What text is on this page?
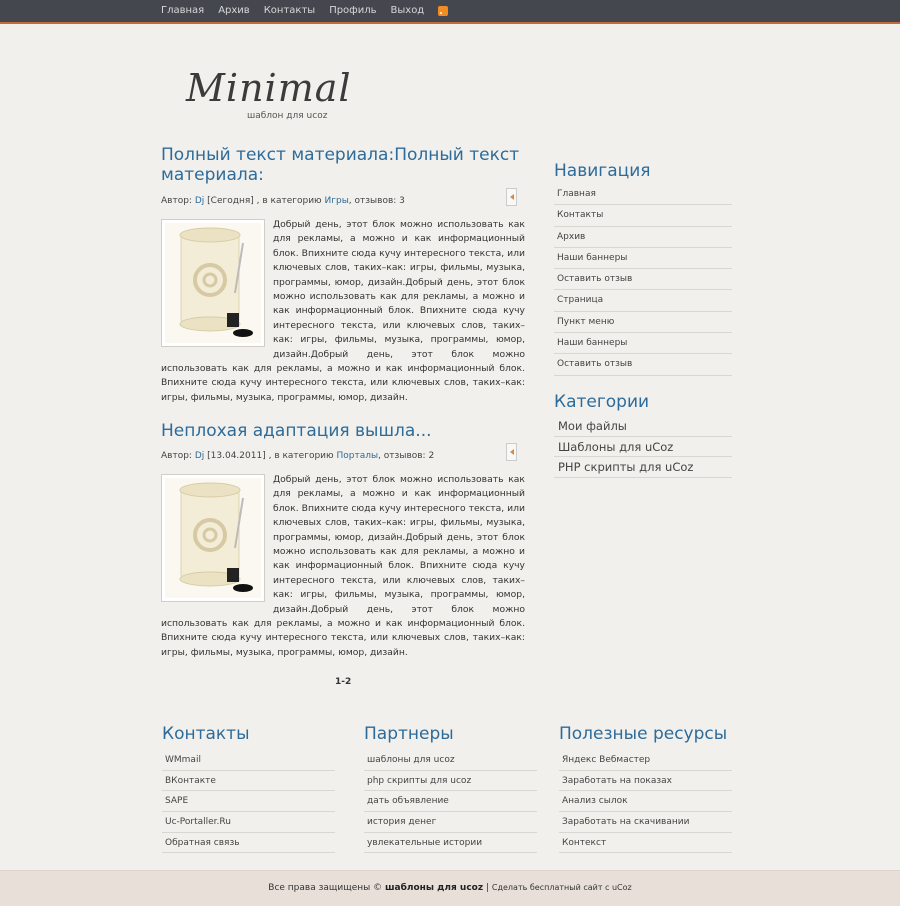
Главная Архив Контакты Профиль Выход
Minimal
шаблон для ucoz
Полный текст материала:Полный текст материала:
Автор: Dj [Сегодня] , в категорию Игры, отзывов: 3
Добрый день, этот блок можно использовать как для рекламы, а можно и как информационный блок. Впихните сюда кучу интересного текста, или ключевых слов, таких–как: игры, фильмы, музыка, программы, юмор, дизайн.Добрый день, этот блок можно использовать как для рекламы, а можно и как информационный блок. Впихните сюда кучу интересного текста, или ключевых слов, таких–как: игры, фильмы, музыка, программы, юмор, дизайн.Добрый день, этот блок можно использовать как для рекламы, а можно и как информационный блок. Впихните сюда кучу интересного текста, или ключевых слов, таких–как: игры, фильмы, музыка, программы, юмор, дизайн.
Неплохая адаптация вышла...
Автор: Dj [13.04.2011] , в категорию Порталы, отзывов: 2
Добрый день, этот блок можно использовать как для рекламы, а можно и как информационный блок. Впихните сюда кучу интересного текста, или ключевых слов, таких–как: игры, фильмы, музыка, программы, юмор, дизайн.Добрый день, этот блок можно использовать как для рекламы, а можно и как информационный блок. Впихните сюда кучу интересного текста, или ключевых слов, таких–как: игры, фильмы, музыка, программы, юмор, дизайн.Добрый день, этот блок можно использовать как для рекламы, а можно и как информационный блок. Впихните сюда кучу интересного текста, или ключевых слов, таких–как: игры, фильмы, музыка, программы, юмор, дизайн.
1-2
Навигация
Главная
Контакты
Архив
Наши баннеры
Оставить отзыв
Страница
Пункт меню
Наши баннеры
Оставить отзыв
Категории
Мои файлы
Шаблоны для uCoz
PHP скрипты для uCoz
Контакты
WMmail
ВКонтакте
SAPE
Uc-Portaller.Ru
Обратная связь
Партнеры
шаблоны для ucoz
php скрипты для ucoz
дать объявление
история денег
увлекательные истории
Полезные ресурсы
Яндекс Вебмастер
Заработать на показах
Анализ сылок
Заработать на скачивании
Контекст
Все права защищены © шаблоны для ucoz | Сделать бесплатный сайт с uCoz
